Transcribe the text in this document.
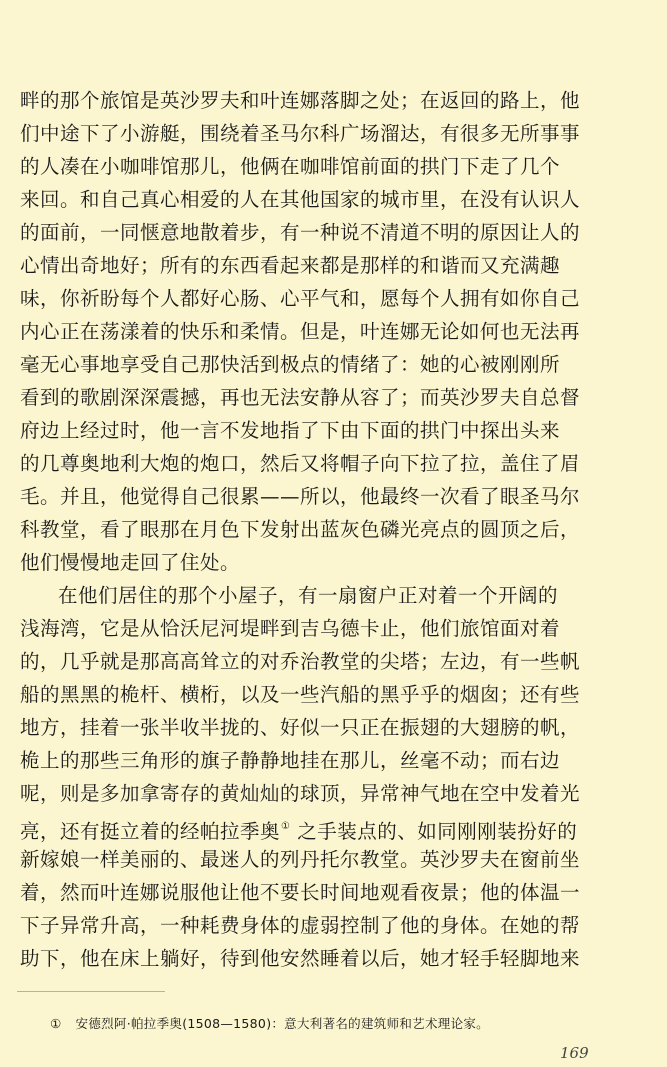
畔的那个旅馆是英沙罗夫和叶连娜落脚之处；在返回的路上，他
们中途下了小游艇，围绕着圣马尔科广场溜达，有很多无所事事
的人凑在小咖啡馆那儿，他俩在咖啡馆前面的拱门下走了几个
来回。和自己真心相爱的人在其他国家的城市里，在没有认识人
的面前，一同惬意地散着步，有一种说不清道不明的原因让人的
心情出奇地好；所有的东西看起来都是那样的和谐而又充满趣
味，你祈盼每个人都好心肠、心平气和，愿每个人拥有如你自己
内心正在荡漾着的快乐和柔情。但是，叶连娜无论如何也无法再
毫无心事地享受自己那快活到极点的情绪了：她的心被刚刚所
看到的歌剧深深震撼，再也无法安静从容了；而英沙罗夫自总督
府边上经过时，他一言不发地指了下由下面的拱门中探出头来
的几尊奥地利大炮的炮口，然后又将帽子向下拉了拉，盖住了眉
毛。并且，他觉得自己很累——所以，他最终一次看了眼圣马尔
科教堂，看了眼那在月色下发射出蓝灰色磷光亮点的圆顶之后，
他们慢慢地走回了住处。
在他们居住的那个小屋子，有一扇窗户正对着一个开阔的
浅海湾，它是从恰沃尼河堤畔到吉乌德卡止，他们旅馆面对着
的，几乎就是那高高耸立的对乔治教堂的尖塔；左边，有一些帆
船的黑黑的桅杆、横桁，以及一些汽船的黑乎乎的烟囱；还有些
地方，挂着一张半收半拢的、好似一只正在振翅的大翅膀的帆，
桅上的那些三角形的旗子静静地挂在那儿，丝毫不动；而右边
呢，则是多加拿寄存的黄灿灿的球顶，异常神气地在空中发着光
亮，还有挺立着的经帕拉季奥① 之手装点的、如同刚刚装扮好的
新嫁娘一样美丽的、最迷人的列丹托尔教堂。英沙罗夫在窗前坐
着，然而叶连娜说服他让他不要长时间地观看夜景；他的体温一
下子异常升高，一种耗费身体的虚弱控制了他的身体。在她的帮
助下，他在床上躺好，待到他安然睡着以后，她才轻手轻脚地来
① 安德烈阿·帕拉季奥(1508—1580)：意大利著名的建筑师和艺术理论家。
169
